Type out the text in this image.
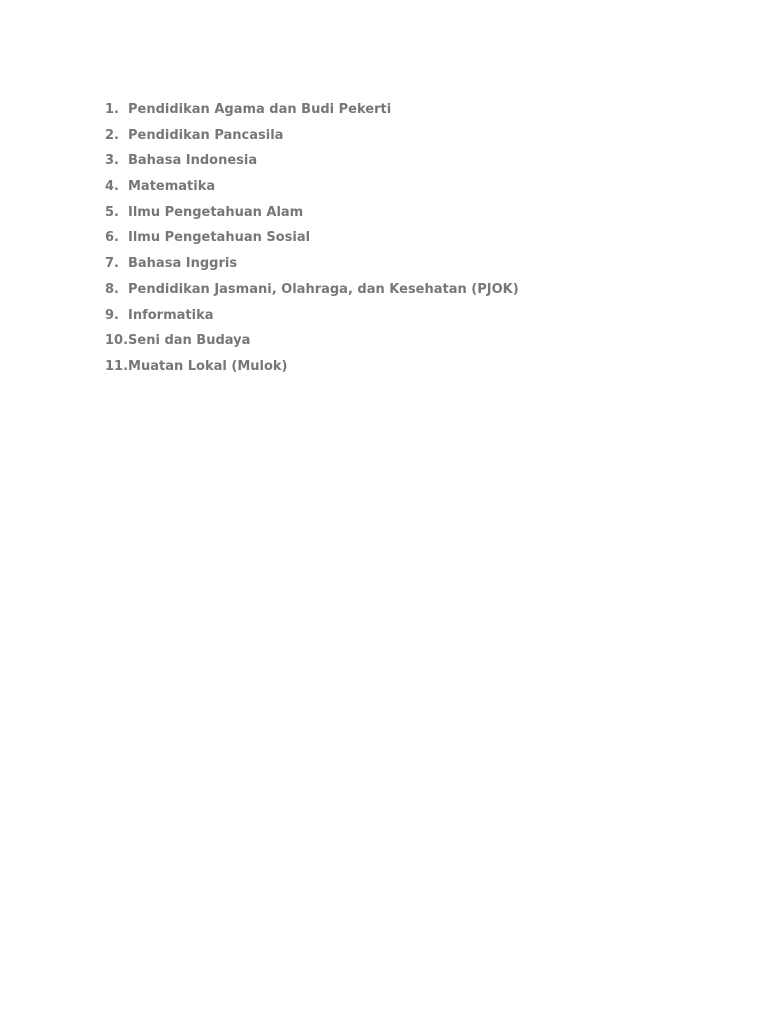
1. Pendidikan Agama dan Budi Pekerti
2. Pendidikan Pancasila
3. Bahasa Indonesia
4. Matematika
5. Ilmu Pengetahuan Alam
6. Ilmu Pengetahuan Sosial
7. Bahasa Inggris
8. Pendidikan Jasmani, Olahraga, dan Kesehatan (PJOK)
9. Informatika
10.Seni dan Budaya
11.Muatan Lokal (Mulok)
